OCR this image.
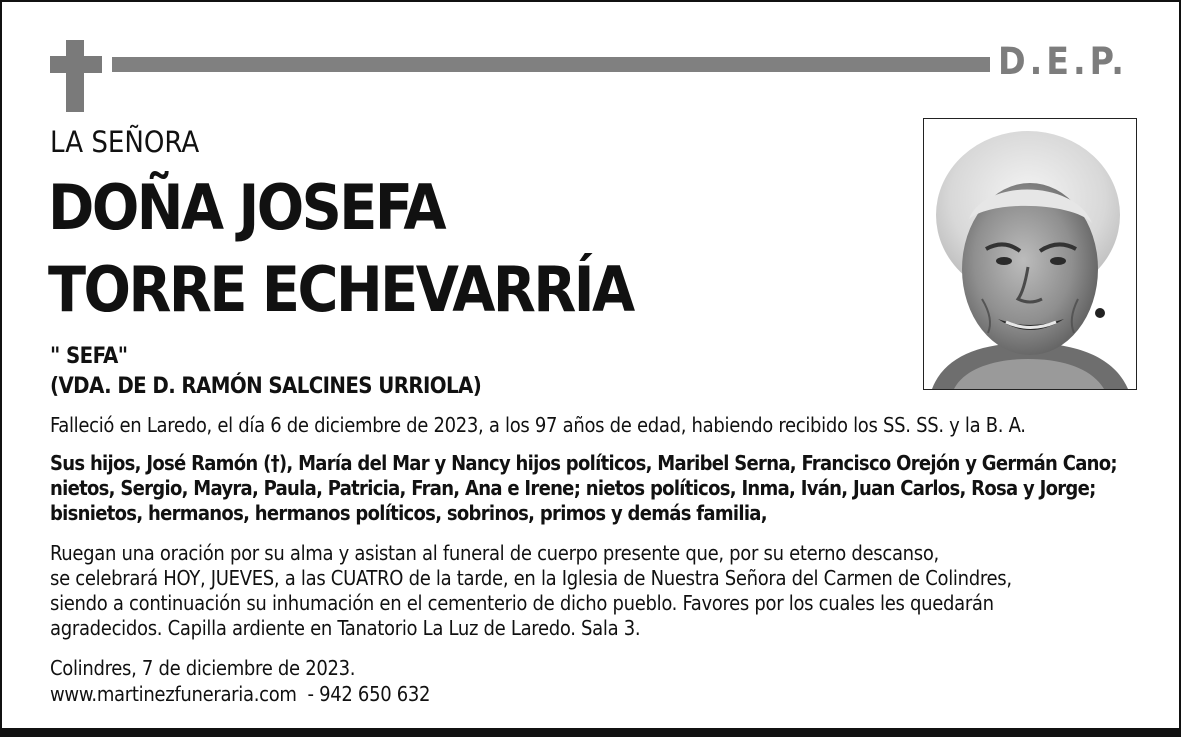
D.E.P.
LA SEÑORA
DOÑA JOSEFA
TORRE ECHEVARRÍA
" SEFA"
(VDA. DE D. RAMÓN SALCINES URRIOLA)
Falleció en Laredo, el día 6 de diciembre de 2023, a los 97 años de edad, habiendo recibido los SS. SS. y la B. A.
Sus hijos, José Ramón (†), María del Mar y Nancy hijos políticos, Maribel Serna, Francisco Orejón y Germán Cano; nietos, Sergio, Mayra, Paula, Patricia, Fran, Ana e Irene; nietos políticos, Inma, Iván, Juan Carlos, Rosa y Jorge; bisnietos, hermanos, hermanos políticos, sobrinos, primos y demás familia,

Ruegan una oración por su alma y asistan al funeral de cuerpo presente que, por su eterno descanso,

se celebrará HOY, JUEVES, a las CUATRO de la tarde, en la Iglesia de Nuestra Señora del Carmen de Colindres,

siendo a continuación su inhumación en el cementerio de dicho pueblo. Favores por los cuales les quedarán

agradecidos. Capilla ardiente en Tanatorio La Luz de Laredo. Sala 3.

Colindres, 7 de diciembre de 2023.
www.martinezfuneraria.com  - 942 650 632
